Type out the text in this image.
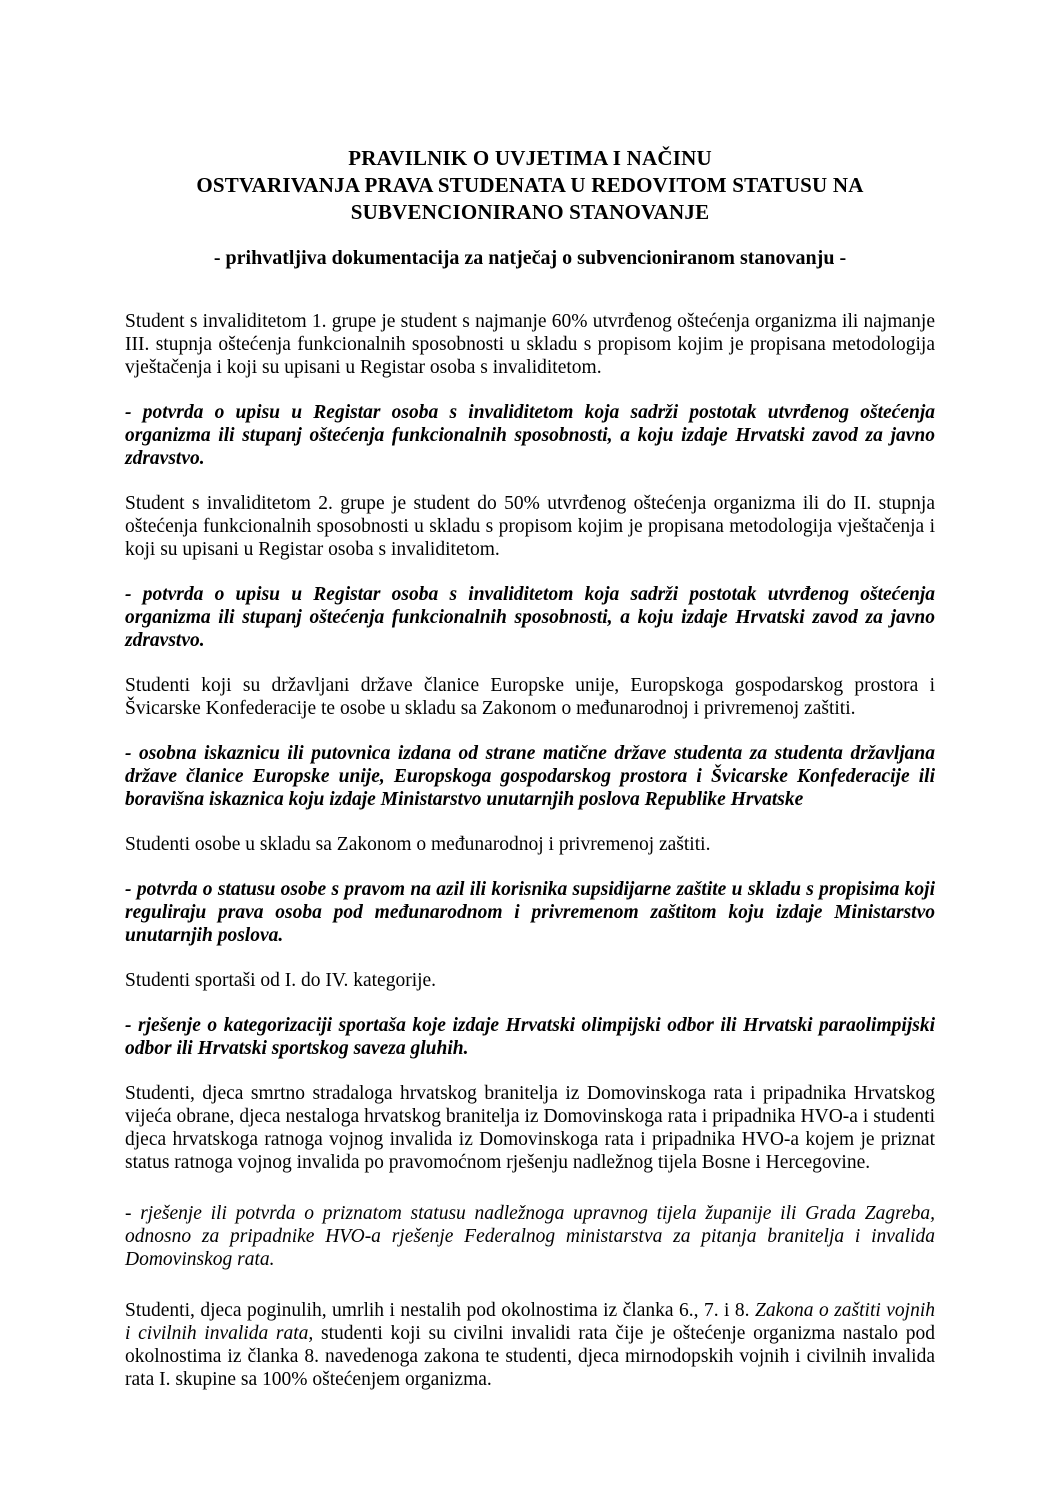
PRAVILNIK O UVJETIMA I NAČINU
OSTVARIVANJA PRAVA STUDENATA U REDOVITOM STATUSU NA
SUBVENCIONIRANO STANOVANJE
- prihvatljiva dokumentacija za natječaj o subvencioniranom stanovanju -

Student s invaliditetom 1. grupe je student s najmanje 60% utvrđenog oštećenja organizma ili najmanje III. stupnja oštećenja funkcionalnih sposobnosti u skladu s propisom kojim je propisana metodologija vještačenja i koji su upisani u Registar osoba s invaliditetom.

- potvrda o upisu u Registar osoba s invaliditetom koja sadrži postotak utvrđenog oštećenja organizma ili stupanj oštećenja funkcionalnih sposobnosti, a koju izdaje Hrvatski zavod za javno zdravstvo.

Student s invaliditetom 2. grupe je student do 50% utvrđenog oštećenja organizma ili do II. stupnja oštećenja funkcionalnih sposobnosti u skladu s propisom kojim je propisana metodologija vještačenja i koji su upisani u Registar osoba s invaliditetom.

- potvrda o upisu u Registar osoba s invaliditetom koja sadrži postotak utvrđenog oštećenja organizma ili stupanj oštećenja funkcionalnih sposobnosti, a koju izdaje Hrvatski zavod za javno zdravstvo.

Studenti koji su državljani države članice Europske unije, Europskoga gospodarskog prostora i Švicarske Konfederacije te osobe u skladu sa Zakonom o međunarodnoj i privremenoj zaštiti.

- osobna iskaznicu ili putovnica izdana od strane matične države studenta za studenta državljana države članice Europske unije, Europskoga gospodarskog prostora i Švicarske Konfederacije ili boravišna iskaznica koju izdaje Ministarstvo unutarnjih poslova Republike Hrvatske

Studenti osobe u skladu sa Zakonom o međunarodnoj i privremenoj zaštiti.

- potvrda o statusu osobe s pravom na azil ili korisnika supsidijarne zaštite u skladu s propisima koji reguliraju prava osoba pod međunarodnom i privremenom zaštitom koju izdaje Ministarstvo unutarnjih poslova.

Studenti sportaši od I. do IV. kategorije.

- rješenje o kategorizaciji sportaša koje izdaje Hrvatski olimpijski odbor ili Hrvatski paraolimpijski odbor ili Hrvatski sportskog saveza gluhih.

Studenti, djeca smrtno stradaloga hrvatskog branitelja iz Domovinskoga rata i pripadnika Hrvatskog vijeća obrane, djeca nestaloga hrvatskog branitelja iz Domovinskoga rata i pripadnika HVO-a i studenti djeca hrvatskoga ratnoga vojnog invalida iz Domovinskoga rata i pripadnika HVO-a kojem je priznat status ratnoga vojnog invalida po pravomoćnom rješenju nadležnog tijela Bosne i Hercegovine.

- rješenje ili potvrda o priznatom statusu nadležnoga upravnog tijela županije ili Grada Zagreba, odnosno za pripadnike HVO-a rješenje Federalnog ministarstva za pitanja branitelja i invalida Domovinskog rata.

Studenti, djeca poginulih, umrlih i nestalih pod okolnostima iz članka 6., 7. i 8. Zakona o zaštiti vojnih i civilnih invalida rata, studenti koji su civilni invalidi rata čije je oštećenje organizma nastalo pod okolnostima iz članka 8. navedenoga zakona te studenti, djeca mirnodopskih vojnih i civilnih invalida rata I. skupine sa 100% oštećenjem organizma.
